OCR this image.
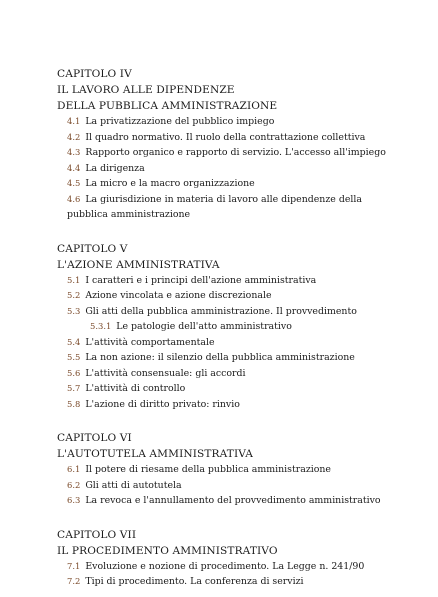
CAPITOLO IV
IL LAVORO ALLE DIPENDENZE
DELLA PUBBLICA AMMINISTRAZIONE
4.1 La privatizzazione del pubblico impiego
4.2 Il quadro normativo. Il ruolo della contrattazione collettiva
4.3 Rapporto organico e rapporto di servizio. L'accesso all'impiego
4.4 La dirigenza
4.5 La micro e la macro organizzazione
4.6 La giurisdizione in materia di lavoro alle dipendenze della pubblica amministrazione
CAPITOLO V
L'AZIONE AMMINISTRATIVA
5.1 I caratteri e i principi dell'azione amministrativa
5.2 Azione vincolata e azione discrezionale
5.3 Gli atti della pubblica amministrazione. Il provvedimento
5.3.1 Le patologie dell'atto amministrativo
5.4 L'attività comportamentale
5.5 La non azione: il silenzio della pubblica amministrazione
5.6 L'attività consensuale: gli accordi
5.7 L'attività di controllo
5.8 L'azione di diritto privato: rinvio
CAPITOLO VI
L'AUTOTUTELA AMMINISTRATIVA
6.1 Il potere di riesame della pubblica amministrazione
6.2 Gli atti di autotutela
6.3 La revoca e l'annullamento del provvedimento amministrativo
CAPITOLO VII
IL PROCEDIMENTO AMMINISTRATIVO
7.1 Evoluzione e nozione di procedimento. La Legge n. 241/90
7.2 Tipi di procedimento. La conferenza di servizi
